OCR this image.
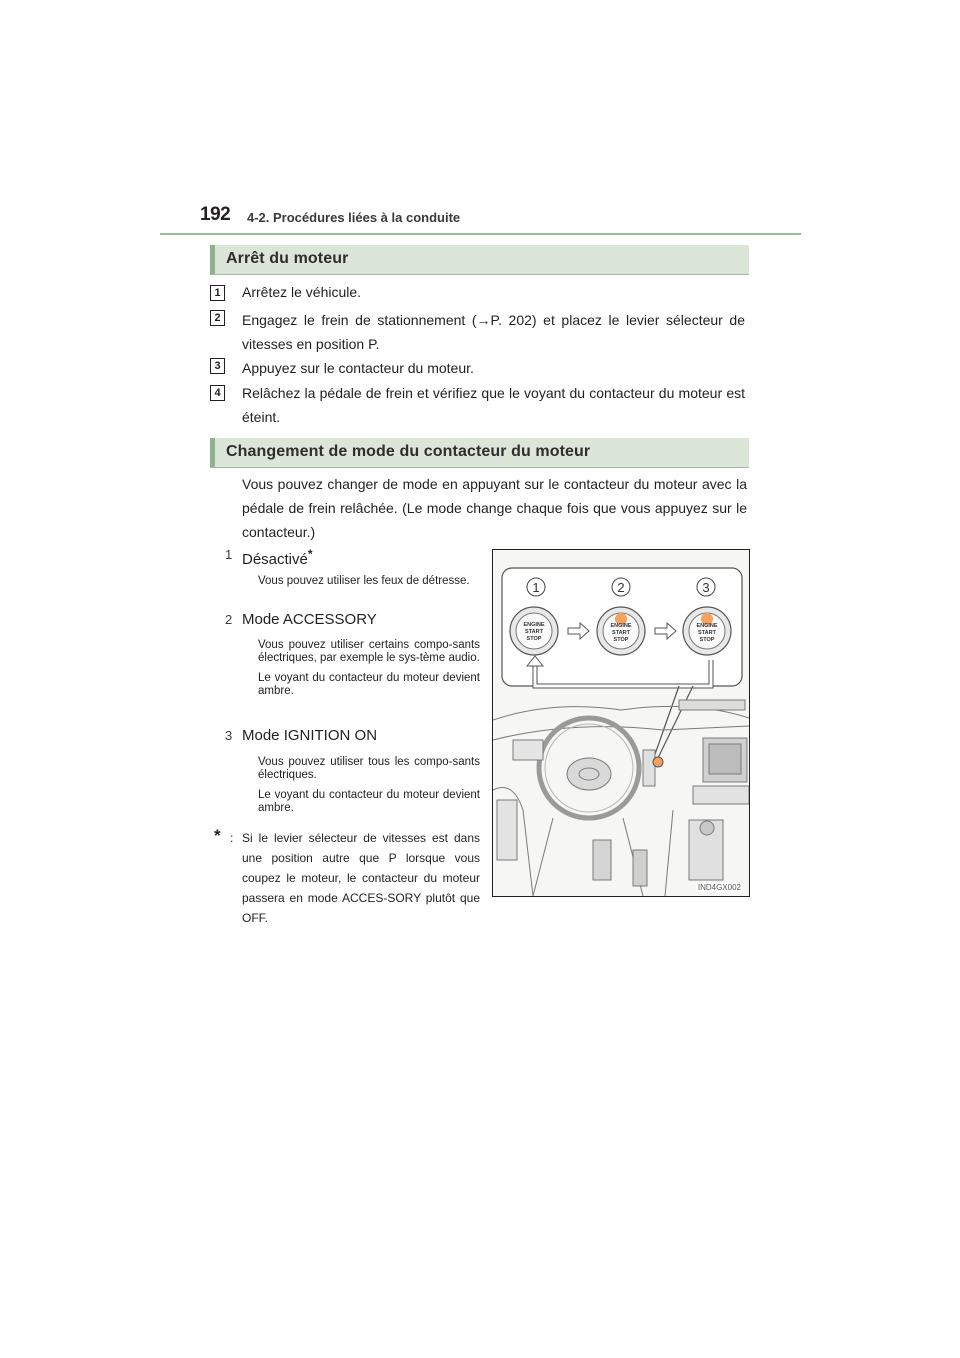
192 4-2. Procédures liées à la conduite
Arrêt du moteur
1	Arrêtez le véhicule.
2	Engagez le frein de stationnement (→P. 202) et placez le levier sélecteur de vitesses en position P.
3	Appuyez sur le contacteur du moteur.
4	Relâchez la pédale de frein et vérifiez que le voyant du contacteur du moteur est éteint.
Changement de mode du contacteur du moteur
Vous pouvez changer de mode en appuyant sur le contacteur du moteur avec la pédale de frein relâchée. (Le mode change chaque fois que vous appuyez sur le contacteur.)
1 Désactivé*
Vous pouvez utiliser les feux de détresse.
2 Mode ACCESSORY
Vous pouvez utiliser certains compo-sants électriques, par exemple le sys-tème audio.
Le voyant du contacteur du moteur devient ambre.
3 Mode IGNITION ON
Vous pouvez utiliser tous les compo-sants électriques.
Le voyant du contacteur du moteur devient ambre.
* : Si le levier sélecteur de vitesses est dans une position autre que P lorsque vous coupez le moteur, le contacteur du moteur passera en mode ACCES-SORY plutôt que OFF.
1	2	3
ENGINE
START
STOP
ENGINE
START
STOP
ENGINE
START
STOP
IND4GX002
